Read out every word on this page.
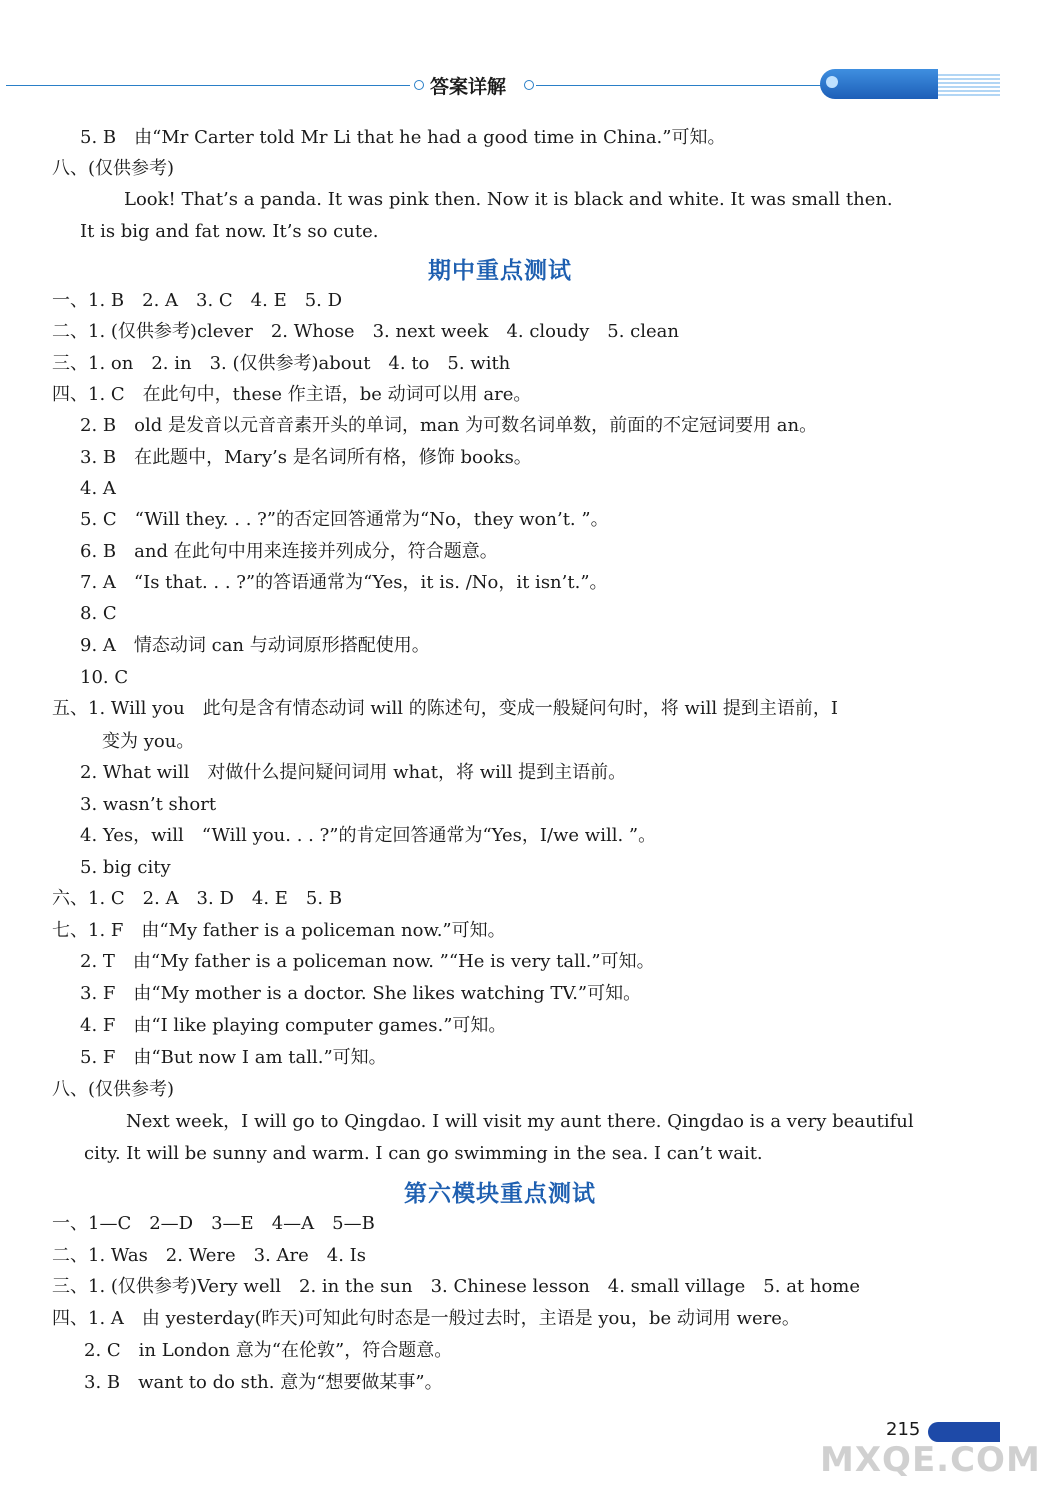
答案详解
5. B　由“Mr Carter told Mr Li that he had a good time in China.”可知。
八、(仅供参考)
Look! That’s a panda. It was pink then. Now it is black and white. It was small then.
It is big and fat now. It’s so cute.
期中重点测试
一、1. B　2. A　3. C　4. E　5. D
二、1. (仅供参考)clever　2. Whose　3. next week　4. cloudy　5. clean
三、1. on　2. in　3. (仅供参考)about　4. to　5. with
四、1. C　在此句中，these 作主语，be 动词可以用 are。
2. B　old 是发音以元音音素开头的单词，man 为可数名词单数，前面的不定冠词要用 an。
3. B　在此题中，Mary’s 是名词所有格，修饰 books。
4. A
5. C　“Will they. . . ?”的否定回答通常为“No，they won’t. ”。
6. B　and 在此句中用来连接并列成分，符合题意。
7. A　“Is that. . . ?”的答语通常为“Yes，it is. /No，it isn’t.”。
8. C
9. A　情态动词 can 与动词原形搭配使用。
10. C
五、1. Will you　此句是含有情态动词 will 的陈述句，变成一般疑问句时，将 will 提到主语前，I
变为 you。
2. What will　对做什么提问疑问词用 what，将 will 提到主语前。
3. wasn’t short
4. Yes，will　“Will you. . . ?”的肯定回答通常为“Yes，I/we will. ”。
5. big city
六、1. C　2. A　3. D　4. E　5. B
七、1. F　由“My father is a policeman now.”可知。
2. T　由“My father is a policeman now. ”“He is very tall.”可知。
3. F　由“My mother is a doctor. She likes watching TV.”可知。
4. F　由“I like playing computer games.”可知。
5. F　由“But now I am tall.”可知。
八、(仅供参考)
Next week，I will go to Qingdao. I will visit my aunt there. Qingdao is a very beautiful
city. It will be sunny and warm. I can go swimming in the sea. I can’t wait.
第六模块重点测试
一、1—C　2—D　3—E　4—A　5—B
二、1. Was　2. Were　3. Are　4. Is
三、1. (仅供参考)Very well　2. in the sun　3. Chinese lesson　4. small village　5. at home
四、1. A　由 yesterday(昨天)可知此句时态是一般过去时，主语是 you，be 动词用 were。
2. C　in London 意为“在伦敦”，符合题意。
3. B　want to do sth. 意为“想要做某事”。
215
MXQE.COM
